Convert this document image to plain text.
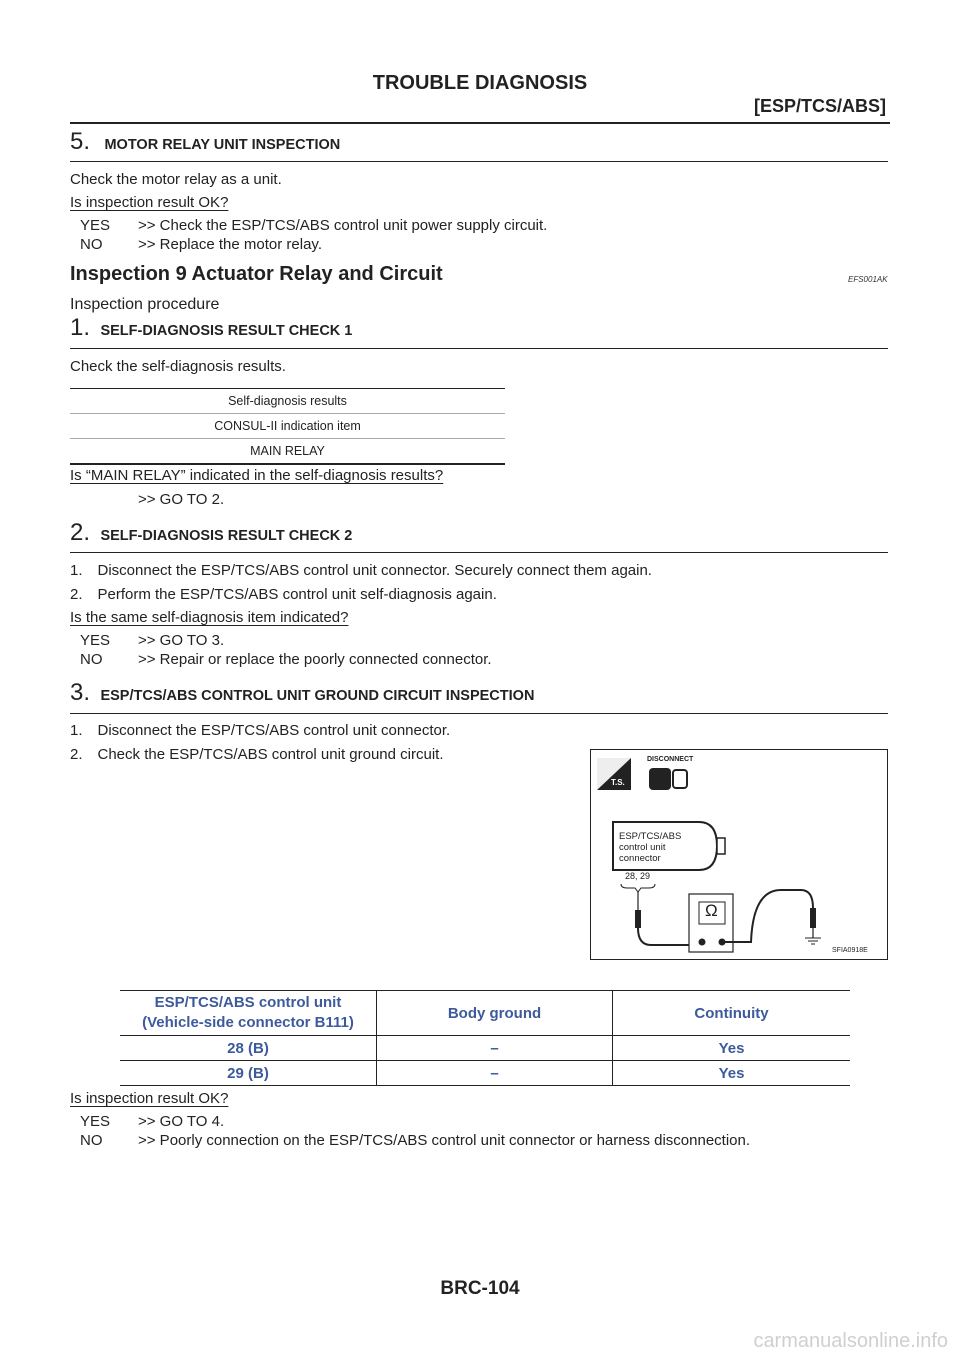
TROUBLE DIAGNOSIS
[ESP/TCS/ABS]
5. MOTOR RELAY UNIT INSPECTION
Check the motor relay as a unit.
Is inspection result OK?
YES >> Check the ESP/TCS/ABS control unit power supply circuit.
NO >> Replace the motor relay.
Inspection 9 Actuator Relay and Circuit	EFS001AK
Inspection procedure
1. SELF-DIAGNOSIS RESULT CHECK 1
Check the self-diagnosis results.
Self-diagnosis results
CONSUL-II indication item
MAIN RELAY
Is “MAIN RELAY” indicated in the self-diagnosis results?
>> GO TO 2.
2. SELF-DIAGNOSIS RESULT CHECK 2
1. Disconnect the ESP/TCS/ABS control unit connector. Securely connect them again.
2. Perform the ESP/TCS/ABS control unit self-diagnosis again.
Is the same self-diagnosis item indicated?
YES >> GO TO 3.
NO >> Repair or replace the poorly connected connector.
3. ESP/TCS/ABS CONTROL UNIT GROUND CIRCUIT INSPECTION
1. Disconnect the ESP/TCS/ABS control unit connector.
2. Check the ESP/TCS/ABS control unit ground circuit.
T.S.
DISCONNECT
ESP/TCS/ABS
control unit
connector
28, 29
Ω
SFIA0918E
ESP/TCS/ABS control unit
(Vehicle-side connector B111)	Body ground	Continuity
28 (B)	–	Yes
29 (B)	–	Yes
Is inspection result OK?
YES >> GO TO 4.
NO >> Poorly connection on the ESP/TCS/ABS control unit connector or harness disconnection.
BRC-104
carmanualsonline.info
